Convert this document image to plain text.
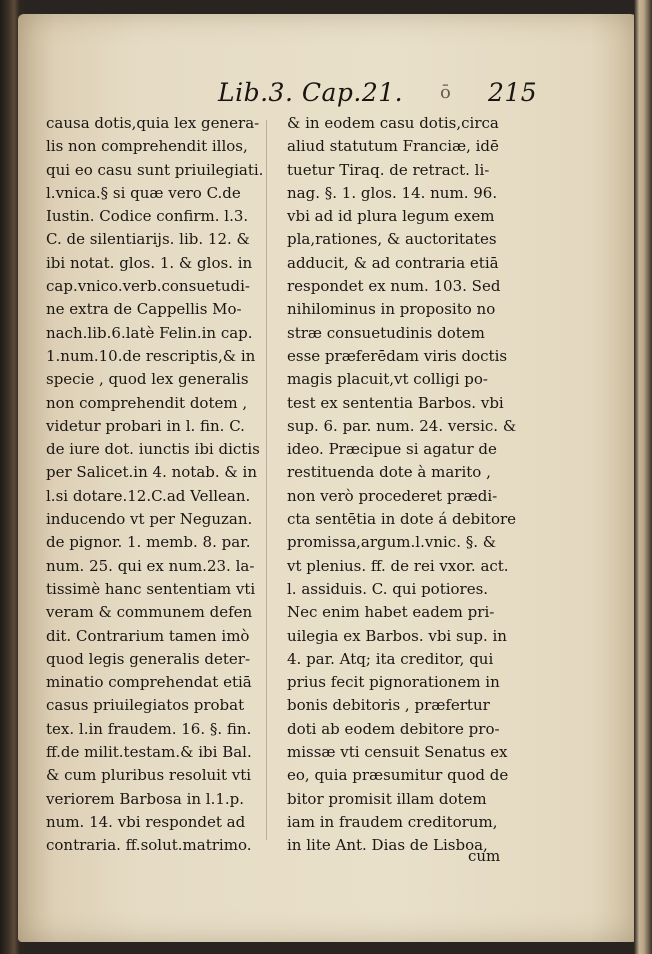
Lib.3. Cap.21. ō 215
causa dotis,quia lex genera-
lis non comprehendit illos,
qui eo casu sunt priuilegiati.
l.vnica.§ si quæ vero C.de
Iustin. Codice confirm. l.3.
C. de silentiarijs. lib. 12. &
ibi notat. glos. 1. & glos. in
cap.vnico.verb.consuetudi-
ne extra de Cappellis Mo-
nach.lib.6.latè Felin.in cap.
1.num.10.de rescriptis,& in
specie , quod lex generalis
non comprehendit dotem ,
videtur probari in l. fin. C.
de iure dot. iunctis ibi dictis
per Salicet.in 4. notab. & in
l.si dotare.12.C.ad Vellean.
inducendo vt per Neguzan.
de pignor. 1. memb. 8. par.
num. 25. qui ex num.23. la-
tissimè hanc sententiam vti
veram & communem defen
dit. Contrarium tamen imò
quod legis generalis deter-
minatio comprehendat etiā
casus priuilegiatos probat
tex. l.in fraudem. 16. §. fin.
ff.de milit.testam.& ibi Bal.
& cum pluribus resoluit vti
veriorem Barbosa in l.1.p.
num. 14. vbi respondet ad
contraria. ff.solut.matrimo.
& in eodem casu dotis,circa
aliud statutum Franciæ, idē
tuetur Tiraq. de retract. li-
nag. §. 1. glos. 14. num. 96.
vbi ad id plura legum exem
pla,rationes, & auctoritates
adducit, & ad contraria etiā
respondet ex num. 103. Sed
nihilominus in proposito no
stræ consuetudinis dotem
esse præferēdam viris doctis
magis placuit,vt colligi po-
test ex sententia Barbos. vbi
sup. 6. par. num. 24. versic. &
ideo. Præcipue si agatur de
restituenda dote à marito ,
non verò procederet prædi-
cta sentētia in dote á debitore
promissa,argum.l.vnic. §. &
vt plenius. ff. de rei vxor. act.
l. assiduis. C. qui potiores.
Nec enim habet eadem pri-
uilegia ex Barbos. vbi sup. in
4. par. Atq; ita creditor, qui
prius fecit pignorationem in
bonis debitoris , præfertur
doti ab eodem debitore pro-
missæ vti censuit Senatus ex
eo, quia præsumitur quod de
bitor promisit illam dotem
iam in fraudem creditorum,
in lite Ant. Dias de Lisboa,
cum
